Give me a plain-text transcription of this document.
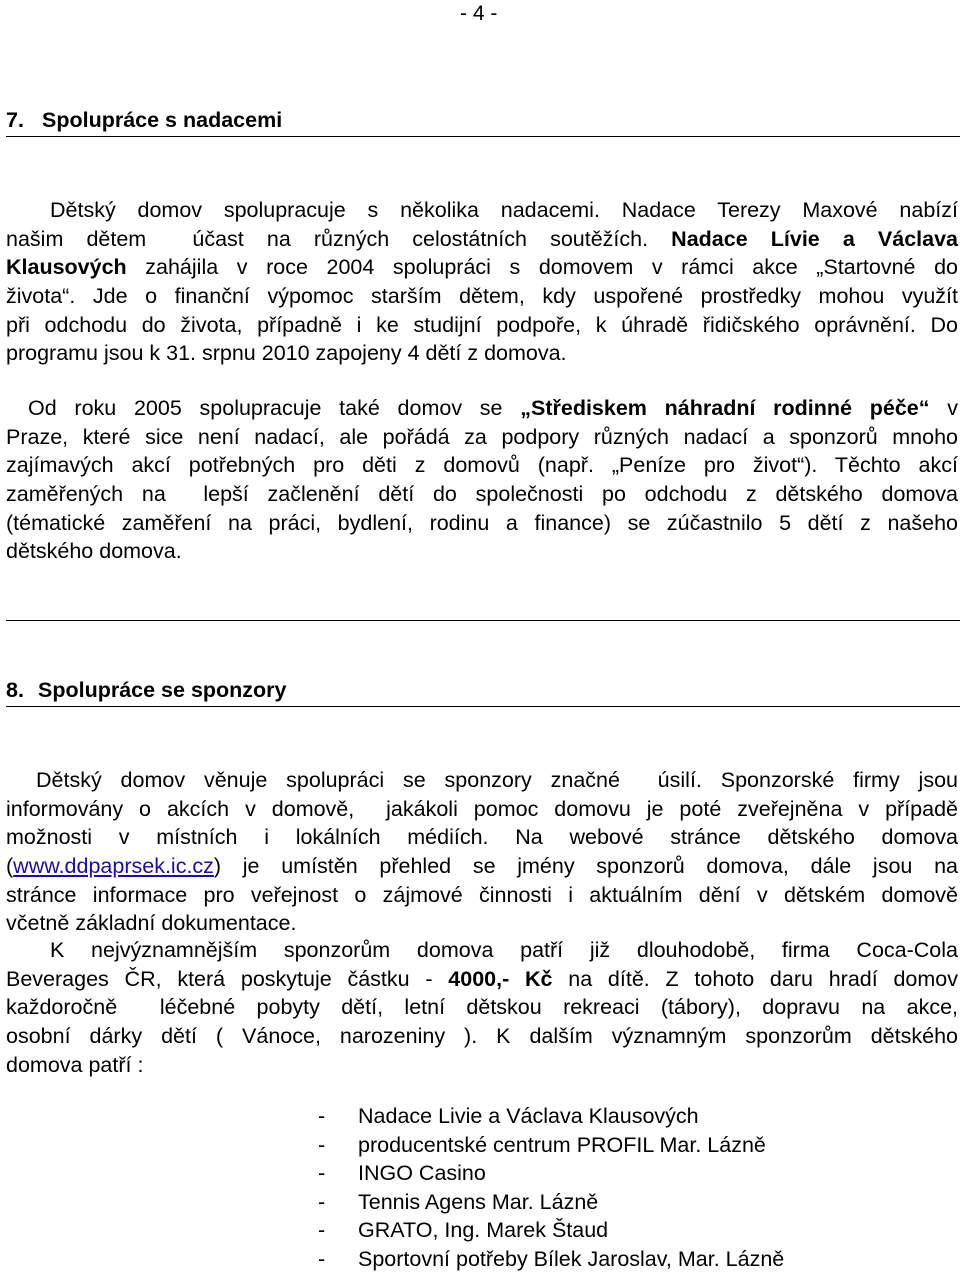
- 4 -
7. Spolupráce s nadacemi
Dětský domov spolupracuje s několika nadacemi. Nadace Terezy Maxové nabízí
našim dětem  účast na různých celostátních soutěžích. Nadace Lívie a Václava
Klausových zahájila v roce 2004 spolupráci s domovem v rámci akce „Startovné do
života“. Jde o finanční výpomoc starším dětem, kdy uspořené prostředky mohou využít
při odchodu do života, případně i ke studijní podpoře, k úhradě řidičského oprávnění. Do
programu jsou k 31. srpnu 2010 zapojeny 4 dětí z domova.
Od roku 2005 spolupracuje také domov se „Střediskem náhradní rodinné péče“ v
Praze, které sice není nadací, ale pořádá za podpory různých nadací a sponzorů mnoho
zajímavých akcí potřebných pro děti z domovů (např. „Peníze pro život“). Těchto akcí
zaměřených na  lepší začlenění dětí do společnosti po odchodu z dětského domova
(tématické zaměření na práci, bydlení, rodinu a finance) se zúčastnilo 5 dětí z našeho
dětského domova.
8. Spolupráce se sponzory
Dětský domov věnuje spolupráci se sponzory značné  úsilí. Sponzorské firmy jsou
informovány o akcích v domově,  jakákoli pomoc domovu je poté zveřejněna v případě
možnosti v místních i lokálních médiích. Na webové stránce dětského domova
(www.ddpaprsek.ic.cz) je umístěn přehled se jmény sponzorů domova, dále jsou na
stránce informace pro veřejnost o zájmové činnosti i aktuálním dění v dětském domově
včetně základní dokumentace.
K nejvýznamnějším sponzorům domova patří již dlouhodobě, firma Coca-Cola
Beverages ČR, která poskytuje částku - 4000,- Kč na dítě. Z tohoto daru hradí domov
každoročně  léčebné pobyty dětí, letní dětskou rekreaci (tábory), dopravu na akce,
osobní dárky dětí ( Vánoce, narozeniny ). K dalším významným sponzorům dětského
domova patří :
- Nadace Livie a Václava Klausových
- producentské centrum PROFIL Mar. Lázně
- INGO Casino
- Tennis Agens Mar. Lázně
- GRATO, Ing. Marek Štaud
- Sportovní potřeby Bílek Jaroslav, Mar. Lázně
